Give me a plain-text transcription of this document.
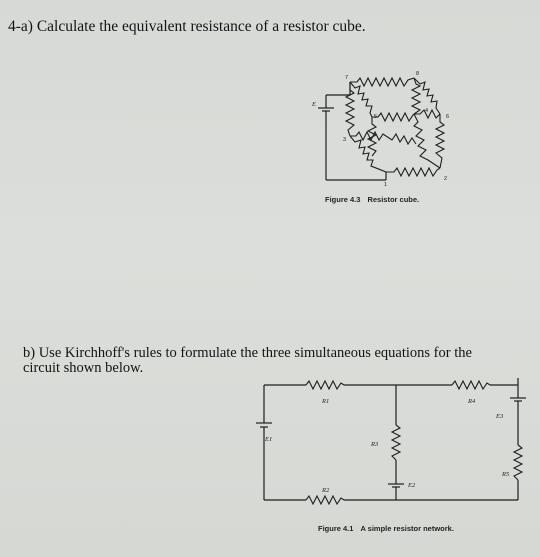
4-a) Calculate the equivalent resistance of a resistor cube.

E
7
8
5	6
4
3
1
2

Figure 4.3 Resistor cube.

b) Use Kirchhoff's rules to formulate the three simultaneous equations for the circuit shown below.

E1
R1	R4
E3
R5
R2
R3
E2

Figure 4.1 A simple resistor network.
